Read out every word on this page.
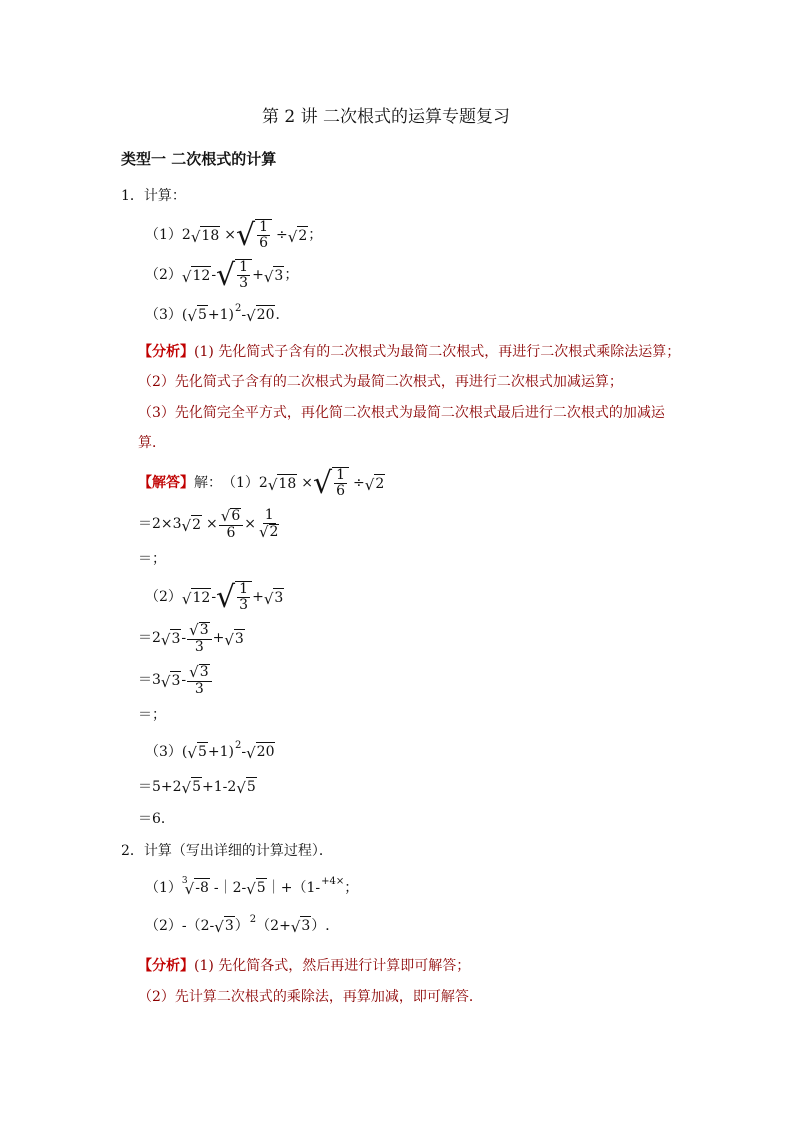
第 2 讲 二次根式的运算专题复习
类型一 二次根式的计算
1． 计算：
（1） 2 √ 18 × √ $\frac{1}{6}$ ÷ √ 2 ；
（2） √ 12 - √ $\frac{1}{3}$ + √ 3 ；
（3） ( √ 5 +1) 2 - √ 20 ．
【分析】 (1) 先化简式子含有的二次根式为最简二次根式，再进行二次根式乘除法运算；
（2）先化简式子含有的二次根式为最简二次根式，再进行二次根式加减运算；
（3）先化简完全平方式，再化简二次根式为最简二次根式最后进行二次根式的加减运
算．
【解答】 解： （1） 2 √ 18 × √ $\frac{1}{6}$ ÷ √ 2
＝ 2×3 √ $2 \times \frac{√ 6}{6} \times \frac{1}{√ 2}$
＝ ；
（2） √ 12 - √ $\frac{1}{3}$ + √ 3
＝ 2 √ $3 - \frac{√ 3}{3}$ + √ 3
＝ 3 √ $3 - \frac{√ 3}{3}$
＝ ；
（3） ( √ 5 +1) 2 - √ 20
＝ 5+2 √ 5 +1-2 √ 5
＝6．
2． 计算（写出详细的计算过程）．
（1） 3
√ -8 -｜2- √ 5 ｜ +（1- +4× ；
（2） -（2- √ 3 ） 2 （2+ √ 3 ） ．
【分析】 (1) 先化简各式，然后再进行计算即可解答；
（2）先计算二次根式的乘除法，再算加减，即可解答．
